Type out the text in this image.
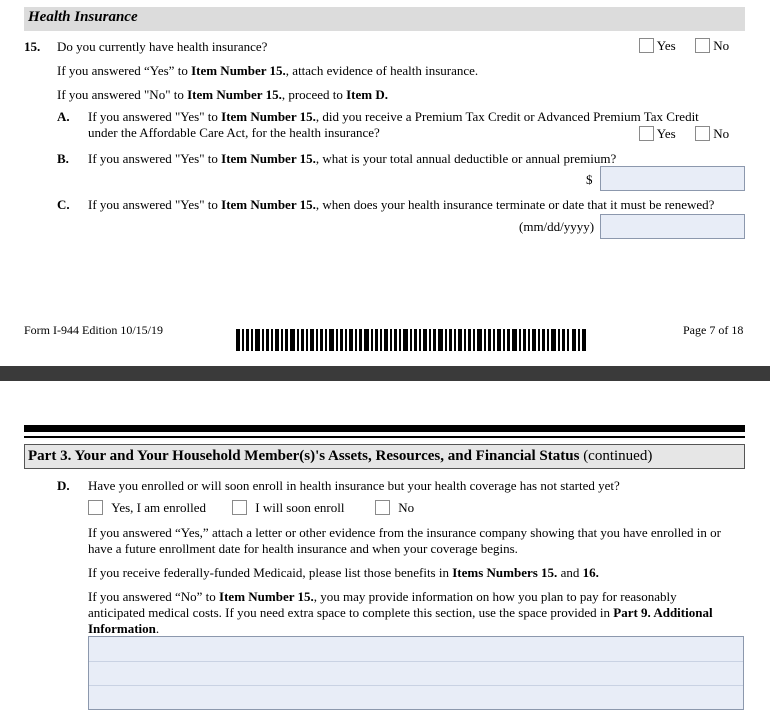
Health Insurance
15. Do you currently have health insurance?	Yes	No
If you answered “Yes” to Item Number 15., attach evidence of health insurance.
If you answered "No" to Item Number 15., proceed to Item D.
A. If you answered "Yes" to Item Number 15., did you receive a Premium Tax Credit or Advanced Premium Tax Credit
under the Affordable Care Act, for the health insurance?	Yes	No
B. If you answered "Yes" to Item Number 15., what is your total annual deductible or annual premium?
$
C. If you answered "Yes" to Item Number 15., when does your health insurance terminate or date that it must be renewed?
(mm/dd/yyyy)
Form I-944 Edition 10/15/19	Page 7 of 18
Part 3. Your and Your Household Member(s)'s Assets, Resources, and Financial Status (continued)
D. Have you enrolled or will soon enroll in health insurance but your health coverage has not started yet?
Yes, I am enrolled	I will soon enroll	No
If you answered “Yes,” attach a letter or other evidence from the insurance company showing that you have enrolled in or
have a future enrollment date for health insurance and when your coverage begins.
If you receive federally-funded Medicaid, please list those benefits in Items Numbers 15. and 16.
If you answered “No” to Item Number 15., you may provide information on how you plan to pay for reasonably
anticipated medical costs. If you need extra space to complete this section, use the space provided in Part 9. Additional
Information.
